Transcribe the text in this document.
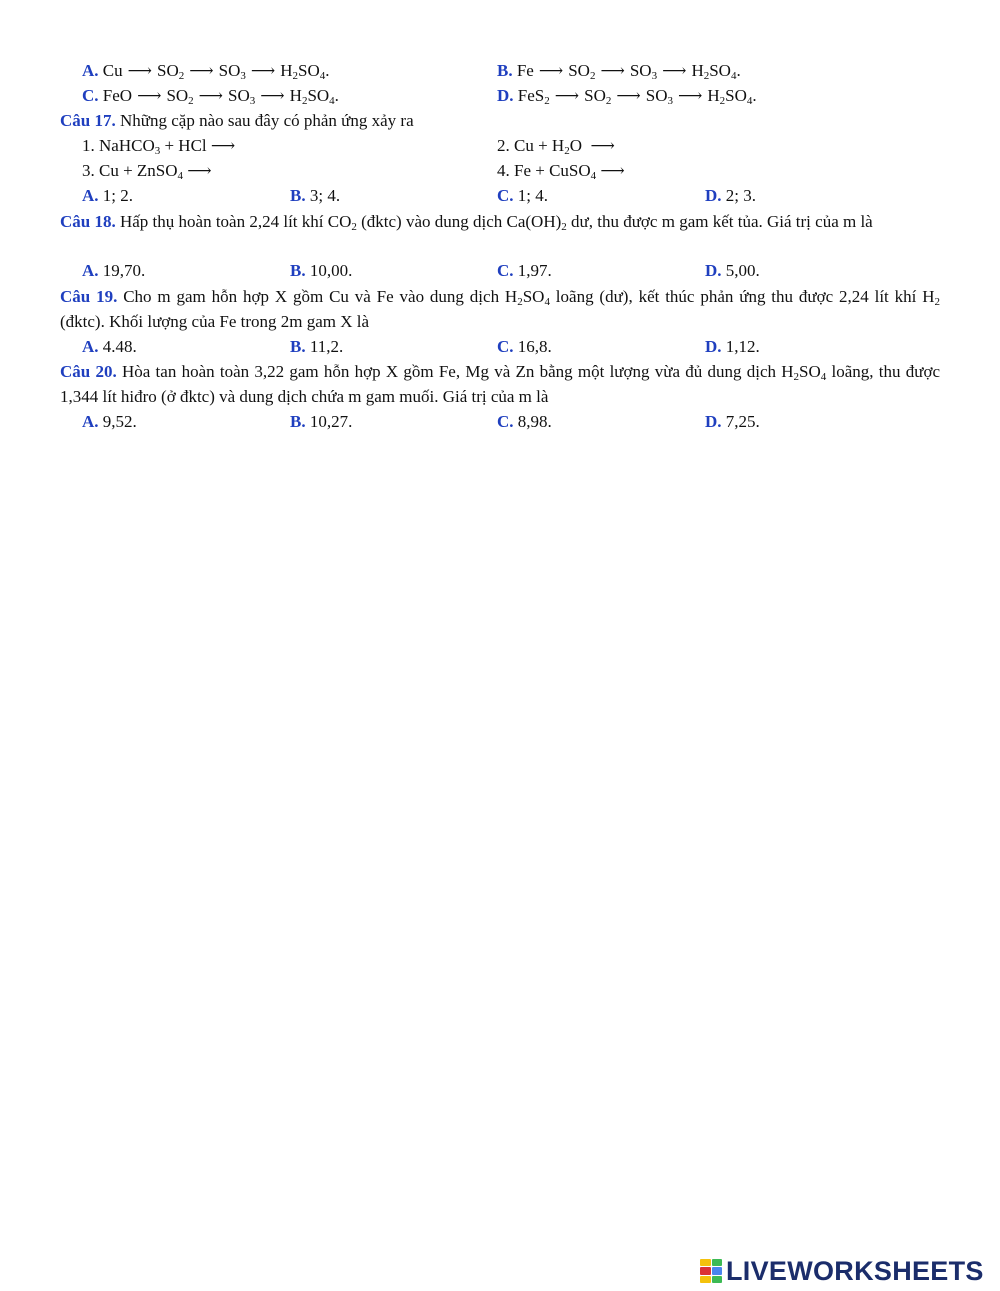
A. Cu ⟶ $SO_2$ ⟶ $SO_3$ ⟶ $H_2SO_4$.	B. Fe ⟶ $SO_2$ ⟶ $SO_3$ ⟶ $H_2SO_4$.
C. FeO ⟶ $SO_2$ ⟶ $SO_3$ ⟶ $H_2SO_4$.	D. FeS$_2$ ⟶ $SO_2$ ⟶ $SO_3$ ⟶ $H_2SO_4$.
Câu 17. Những cặp nào sau đây có phản ứng xảy ra
1. NaHCO$_3$ + HCl ⟶	2. $Cu + H_2O$  ⟶
3. Cu + ZnSO$_4$ ⟶	4. Fe + CuSO$_4$ ⟶
A. 1; 2.	B. 3; 4.	C. 1; 4.	D. 2; 3.
Câu 18. Hấp thụ hoàn toàn 2,24 lít khí $CO_2$ (đktc) vào dung dịch $Ca(OH)_2$ dư, thu được m gam kết tủa. Giá trị của m là
A. 19,70.	B. 10,00.	C. 1,97.	D. 5,00.
Câu 19. Cho m gam hỗn hợp X gồm Cu và Fe vào dung dịch $H_2SO_4$ loãng (dư), kết thúc phản ứng thu được 2,24 lít khí $H_2$ (đktc). Khối lượng của Fe trong 2m gam X là
A. 4.48.	B. 11,2.	C. 16,8.	D. 1,12.
Câu 20. Hòa tan hoàn toàn 3,22 gam hỗn hợp X gồm Fe, Mg và Zn bằng một lượng vừa đủ dung dịch $H_2SO_4$ loãng, thu được 1,344 lít hiđro (ở đktc) và dung dịch chứa m gam muối. Giá trị của m là
A. 9,52.	B. 10,27.	C. 8,98.	D. 7,25.
LIVEWORKSHEETS
